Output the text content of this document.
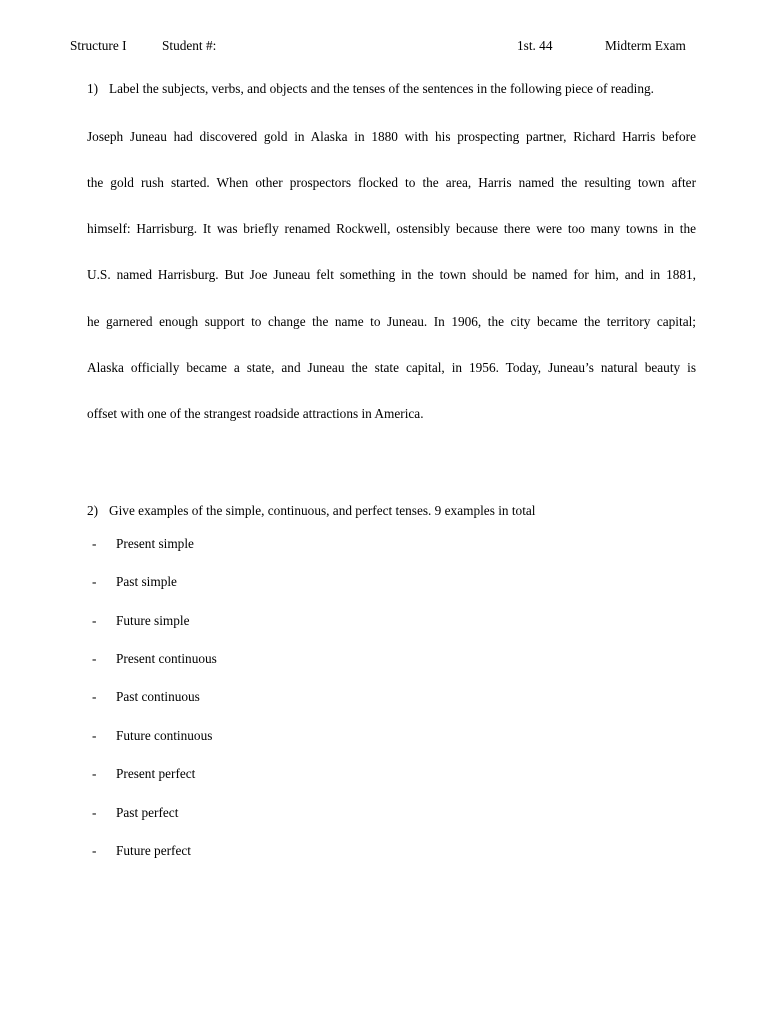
Structure I	Student #:	1st. 44	Midterm Exam
1) Label the subjects, verbs, and objects and the tenses of the sentences in the following piece of reading.
Joseph Juneau had discovered gold in Alaska in 1880 with his prospecting partner, Richard Harris before
the gold rush started. When other prospectors flocked to the area, Harris named the resulting town after
himself: Harrisburg. It was briefly renamed Rockwell, ostensibly because there were too many towns in the
U.S. named Harrisburg. But Joe Juneau felt something in the town should be named for him, and in 1881,
he garnered enough support to change the name to Juneau. In 1906, the city became the territory capital;
Alaska officially became a state, and Juneau the state capital, in 1956. Today, Juneau’s natural beauty is
offset with one of the strangest roadside attractions in America.
2) Give examples of the simple, continuous, and perfect tenses. 9 examples in total
- Present simple
- Past simple
- Future simple
- Present continuous
- Past continuous
- Future continuous
- Present perfect
- Past perfect
- Future perfect
